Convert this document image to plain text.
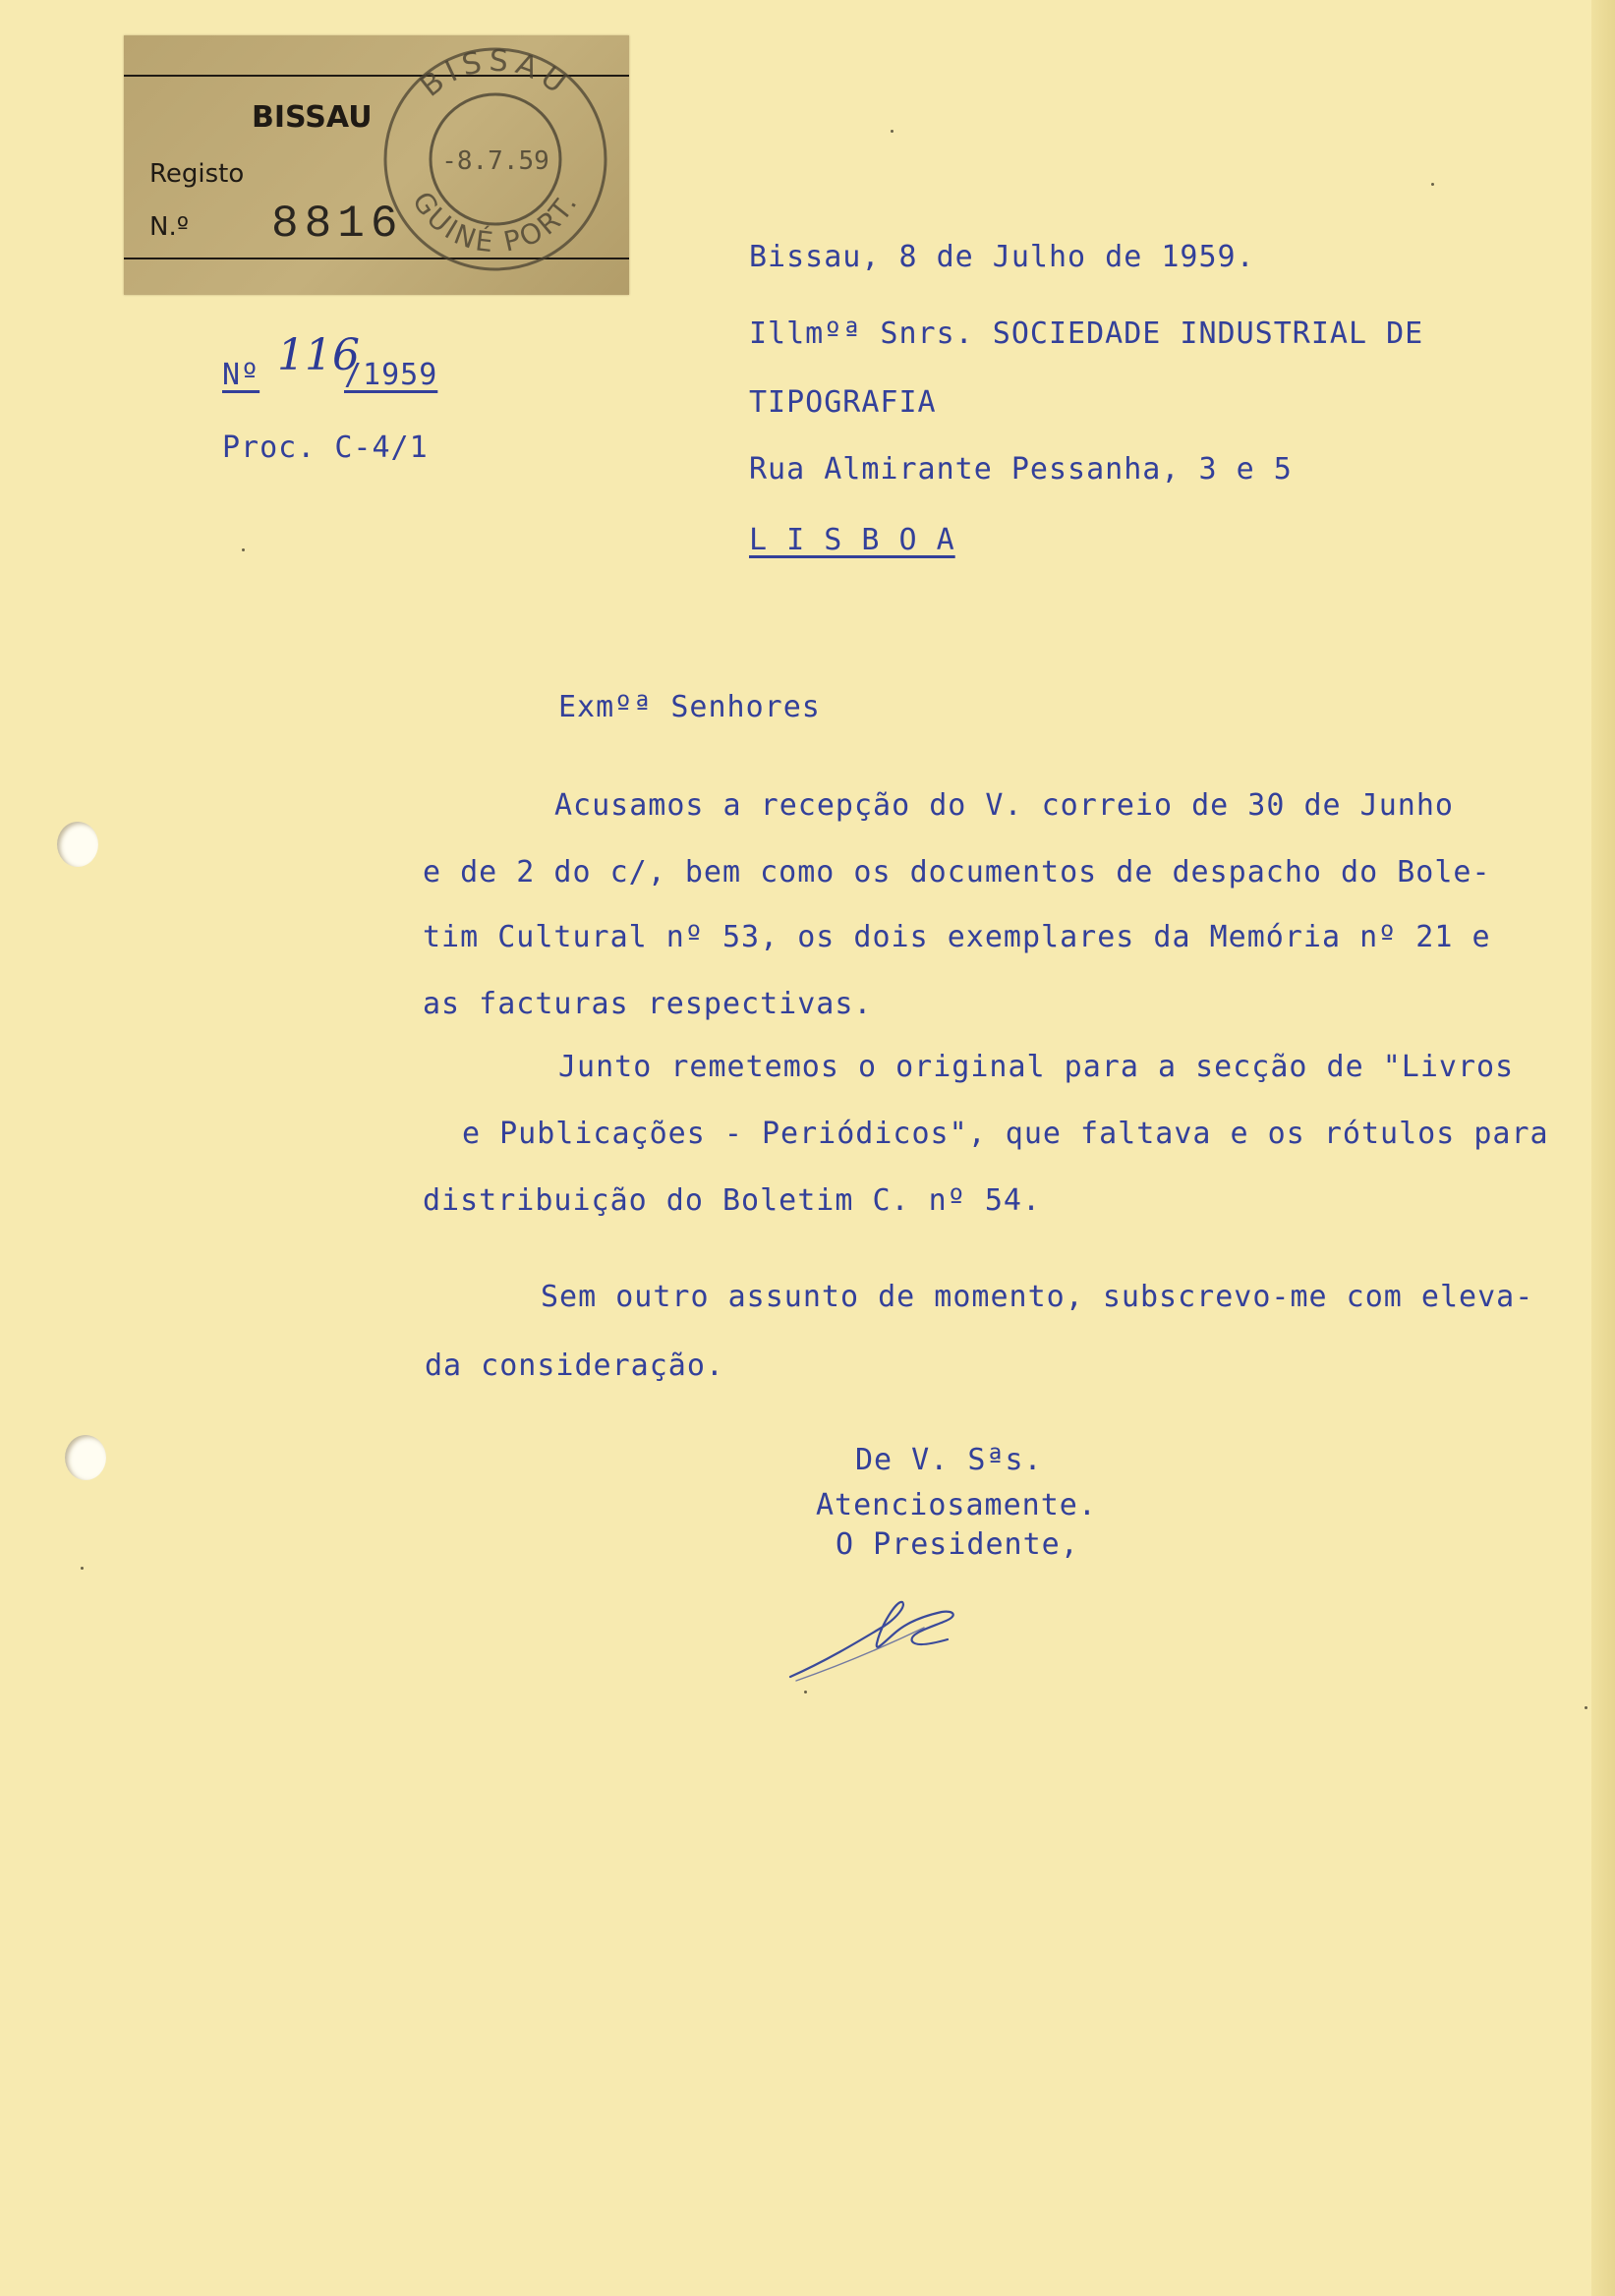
BISSAU
Registo
N.º 8816
BISSAU
GUINÉ PORT.
-8.7.59
Nº 116
/1959
Proc. C-4/1
Bissau, 8 de Julho de 1959.
Illmºª Snrs. SOCIEDADE INDUSTRIAL DE
TIPOGRAFIA
Rua Almirante Pessanha, 3 e 5
L I S B O A
Exmºª Senhores
Acusamos a recepção do V. correio de 30 de Junho
e de 2 do c/, bem como os documentos de despacho do Bole-
tim Cultural nº 53, os dois exemplares da Memória nº 21 e
as facturas respectivas.
Junto remetemos o original para a secção de "Livros
e Publicações - Periódicos", que faltava e os rótulos para
distribuição do Boletim C. nº 54.
Sem outro assunto de momento, subscrevo-me com eleva-
da consideração.
De V. Sªs.
Atenciosamente.
O Presidente,
